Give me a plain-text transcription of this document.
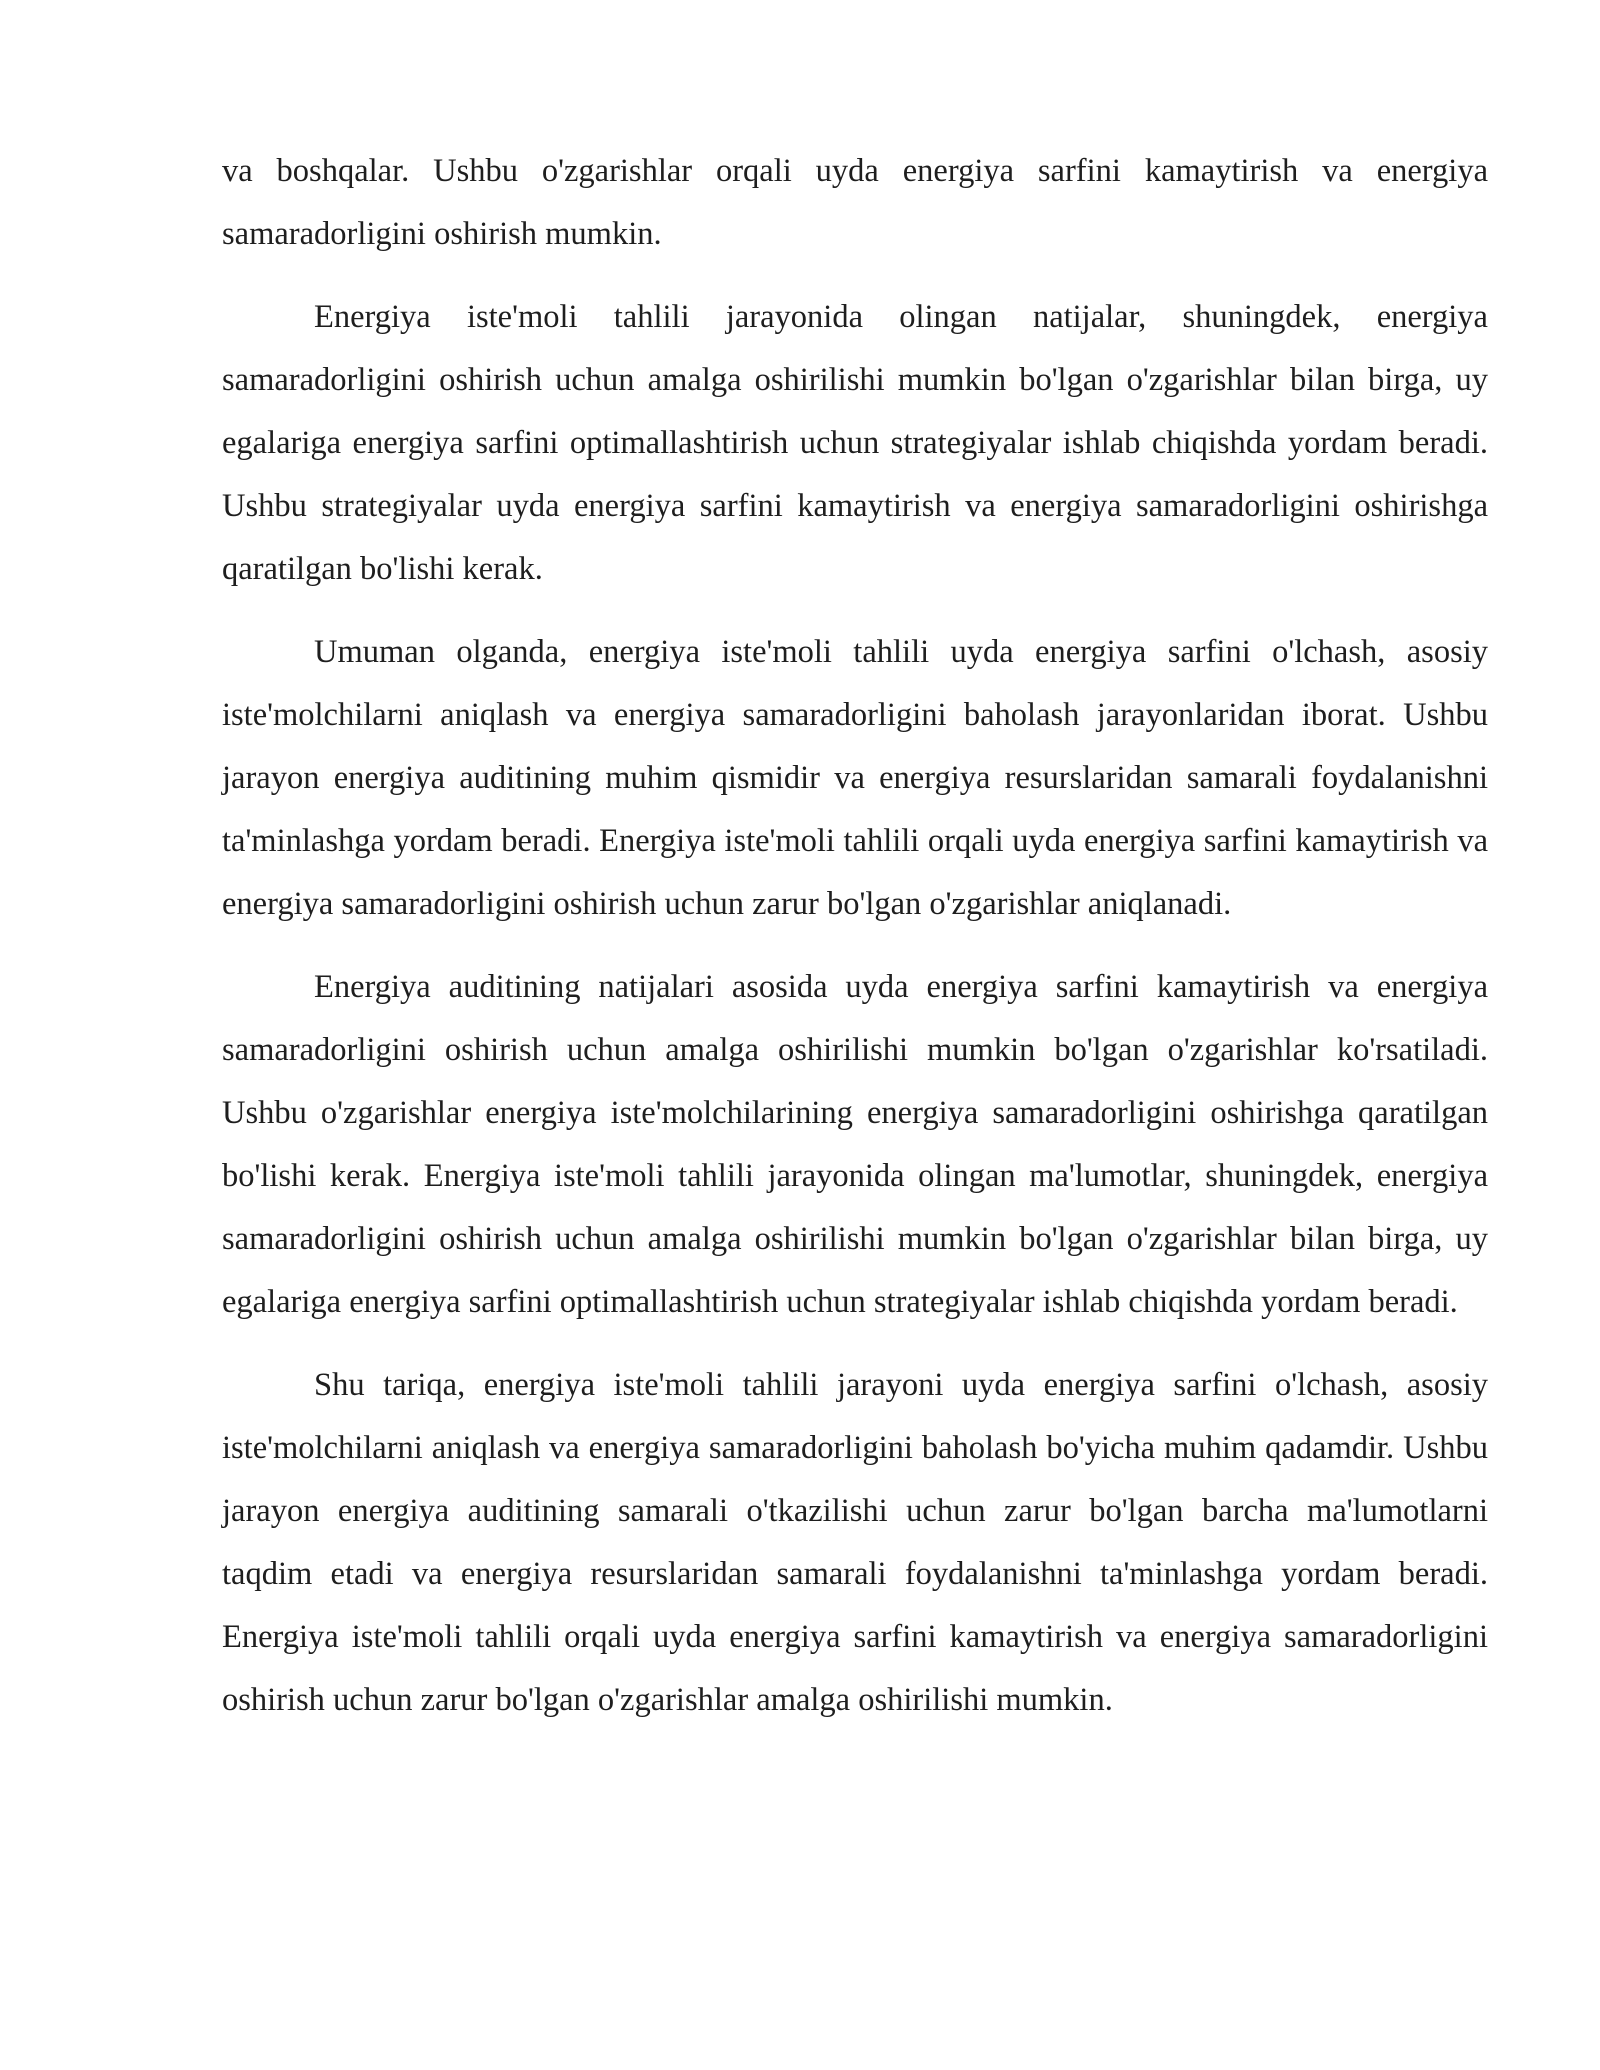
va boshqalar. Ushbu o'zgarishlar orqali uyda energiya sarfini kamaytirish va energiya samaradorligini oshirish mumkin.

Energiya iste'moli tahlili jarayonida olingan natijalar, shuningdek, energiya samaradorligini oshirish uchun amalga oshirilishi mumkin bo'lgan o'zgarishlar bilan birga, uy egalariga energiya sarfini optimallashtirish uchun strategiyalar ishlab chiqishda yordam beradi. Ushbu strategiyalar uyda energiya sarfini kamaytirish va energiya samaradorligini oshirishga qaratilgan bo'lishi kerak.

Umuman olganda, energiya iste'moli tahlili uyda energiya sarfini o'lchash, asosiy iste'molchilarni aniqlash va energiya samaradorligini baholash jarayonlaridan iborat. Ushbu jarayon energiya auditining muhim qismidir va energiya resurslaridan samarali foydalanishni ta'minlashga yordam beradi. Energiya iste'moli tahlili orqali uyda energiya sarfini kamaytirish va energiya samaradorligini oshirish uchun zarur bo'lgan o'zgarishlar aniqlanadi.

Energiya auditining natijalari asosida uyda energiya sarfini kamaytirish va energiya samaradorligini oshirish uchun amalga oshirilishi mumkin bo'lgan o'zgarishlar ko'rsatiladi. Ushbu o'zgarishlar energiya iste'molchilarining energiya samaradorligini oshirishga qaratilgan bo'lishi kerak. Energiya iste'moli tahlili jarayonida olingan ma'lumotlar, shuningdek, energiya samaradorligini oshirish uchun amalga oshirilishi mumkin bo'lgan o'zgarishlar bilan birga, uy egalariga energiya sarfini optimallashtirish uchun strategiyalar ishlab chiqishda yordam beradi.

Shu tariqa, energiya iste'moli tahlili jarayoni uyda energiya sarfini o'lchash, asosiy iste'molchilarni aniqlash va energiya samaradorligini baholash bo'yicha muhim qadamdir. Ushbu jarayon energiya auditining samarali o'tkazilishi uchun zarur bo'lgan barcha ma'lumotlarni taqdim etadi va energiya resurslaridan samarali foydalanishni ta'minlashga yordam beradi. Energiya iste'moli tahlili orqali uyda energiya sarfini kamaytirish va energiya samaradorligini oshirish uchun zarur bo'lgan o'zgarishlar amalga oshirilishi mumkin.
